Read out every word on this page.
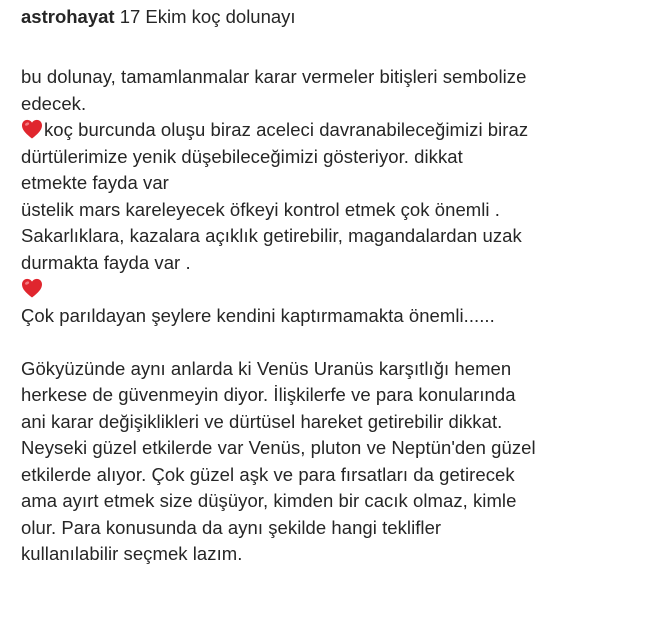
astrohayat 17 Ekim koç dolunayı
bu dolunay, tamamlanmalar karar vermeler bitişleri sembolize
edecek.
koç burcunda oluşu biraz aceleci davranabileceğimizi biraz
dürtülerimize yenik düşebileceğimizi gösteriyor. dikkat
etmekte fayda var
üstelik mars kareleyecek öfkeyi kontrol etmek çok önemli .
Sakarlıklara, kazalara açıklık getirebilir, magandalardan uzak
durmakta fayda var .
Çok parıldayan şeylere kendini kaptırmamakta önemli......
Gökyüzünde aynı anlarda ki Venüs Uranüs karşıtlığı hemen
herkese de güvenmeyin diyor. İlişkilerfe ve para konularında
ani karar değişiklikleri ve dürtüsel hareket getirebilir dikkat.
Neyseki güzel etkilerde var Venüs, pluton ve Neptün'den güzel
etkilerde alıyor. Çok güzel aşk ve para fırsatları da getirecek
ama ayırt etmek size düşüyor, kimden bir cacık olmaz, kimle
olur. Para konusunda da aynı şekilde hangi teklifler
kullanılabilir seçmek lazım.
